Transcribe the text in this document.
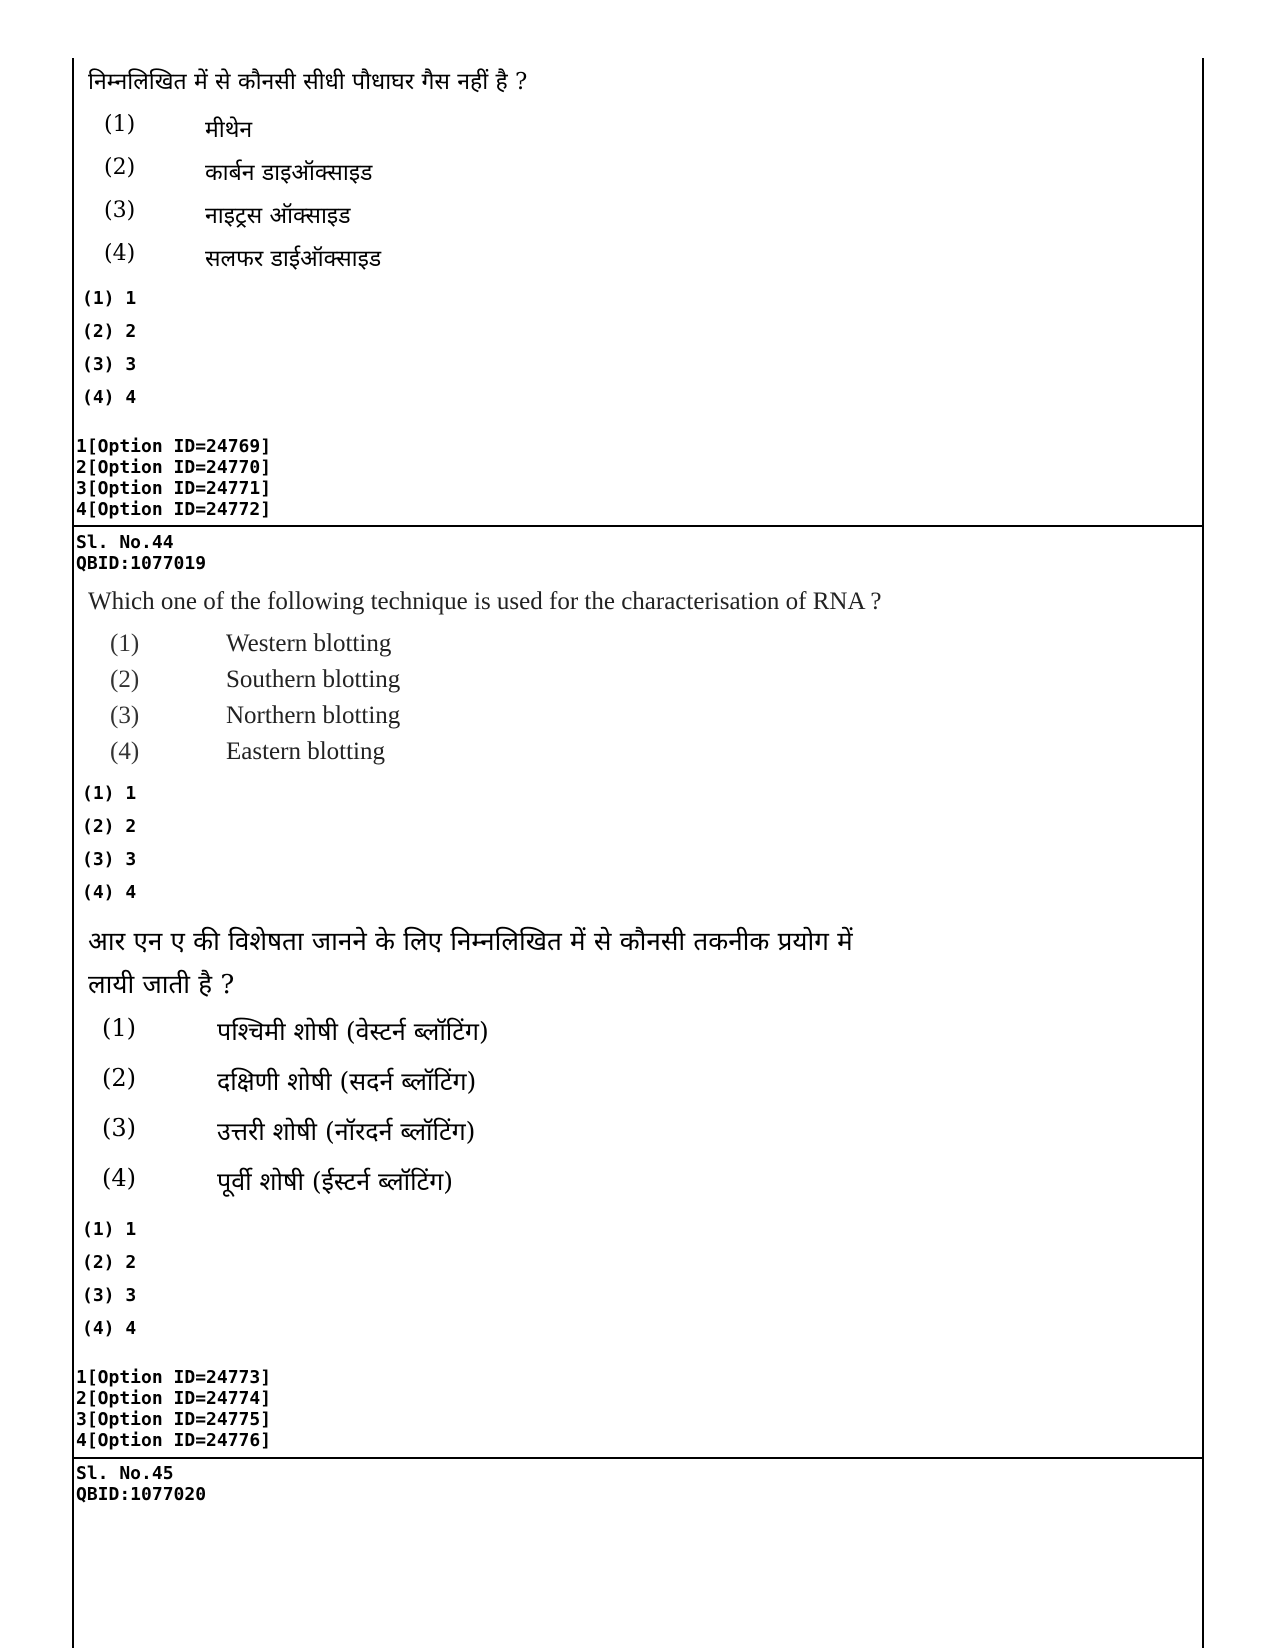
निम्नलिखित में से कौनसी सीधी पौधाघर गैस नहीं है ?
(1)	मीथेन
(2)	कार्बन डाइऑक्साइड
(3)	नाइट्रस ऑक्साइड
(4)	सलफर डाईऑक्साइड
(1) 1
(2) 2
(3) 3
(4) 4
1[Option ID=24769]
2[Option ID=24770]
3[Option ID=24771]
4[Option ID=24772]
Sl. No.44
QBID:1077019
Which one of the following technique is used for the characterisation of RNA ?
(1)	Western blotting
(2)	Southern blotting
(3)	Northern blotting
(4)	Eastern blotting
(1) 1
(2) 2
(3) 3
(4) 4
आर एन ए की विशेषता जानने के लिए निम्नलिखित में से कौनसी तकनीक प्रयोग में
लायी जाती है ?
(1)	पश्चिमी शोषी (वेस्टर्न ब्लॉटिंग)
(2)	दक्षिणी शोषी (सदर्न ब्लॉटिंग)
(3)	उत्तरी शोषी (नॉरदर्न ब्लॉटिंग)
(4)	पूर्वी शोषी (ईस्टर्न ब्लॉटिंग)
(1) 1
(2) 2
(3) 3
(4) 4
1[Option ID=24773]
2[Option ID=24774]
3[Option ID=24775]
4[Option ID=24776]
Sl. No.45
QBID:1077020
